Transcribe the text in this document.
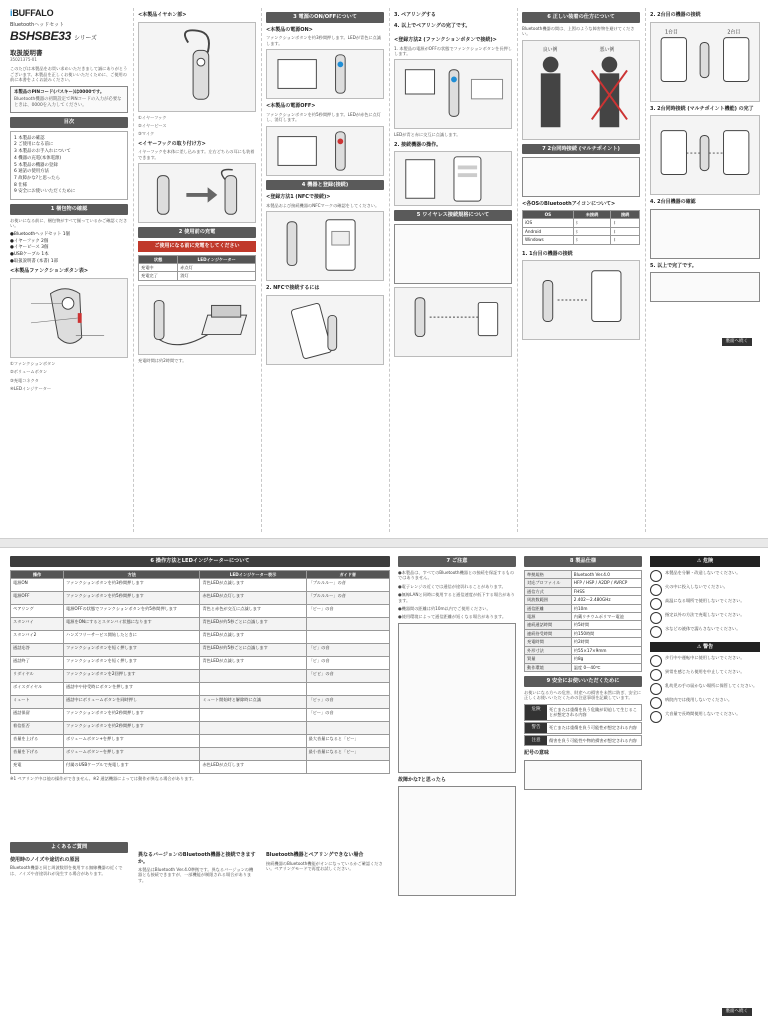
iBUFFALO
Bluetoothヘッドセット
BSHSBE33 シリーズ
取扱説明書
35021375-01
このたびは本製品をお買い求めいただきまして誠にありがとうございます。本製品を正しくお使いいただくために、ご使用の前に本書をよくお読みください。
本製品のPINコード(パスキー)は0000です。
Bluetooth機器の初期設定でPINコードの入力が必要なときは、0000を入力してください。
目次
1 本製品の確認
2 ご使用になる前に
3 本製品のお手入れについて
4 機器の充電(本体電源)
5 本製品の機器の登録
6 通話の使用方法
7 故障かな?と思ったら
8 仕様
9 安全にお使いいただくために
1 梱包物の確認
お使いになる前に、梱包物がすべて揃っているかご確認ください。
●Bluetoothヘッドセット 1個
●イヤーフック 2個
●イヤーピース 3個
●USBケーブル 1本
●取扱説明書 (本書) 1部
<本製品ファンクションボタン表>
①ファンクションボタン
②ボリュームボタン
③充電コネクタ
④LEDインジケーター
<本製品イヤホン部>
①イヤーフック
②イヤーピース
③マイク
<イヤーフックの取り付け方>
イヤーフックを本体に差し込みます。左右どちらの耳にも装着できます。
2 使用前の充電
ご使用になる前に充電をしてください
状態	LEDインジケーター
充電中	赤点灯
充電完了	消灯
充電時間は約2時間です。
3 電源のON/OFFについて
<本製品の電源ON>
ファンクションボタンを約3秒間押します。LEDが青色に点滅します。
<本製品の電源OFF>
ファンクションボタンを約5秒間押します。LEDが赤色に点灯し、消灯します。
4 機器と登録(接続)
<登録方法1 (NFCで接続)>
本製品および接続機器のNFCマークの確認をしてください。
2. NFCで接続するには
3. ペアリングする
4. 以上でペアリングの完了です。
<登録方法2 (ファンクションボタンで接続)>
1. 本製品の電源がOFFの状態でファンクションボタンを長押しします。
LEDが青と赤に交互に点滅します。
2. 接続機器の操作。
5 ワイヤレス接続規格について
6 正しい装着の仕方について
Bluetooth機器の間は、上図のような障害物を避けてください。
良い例	悪い例
7 2台同時接続 (マルチポイント)
<各OSのBluetoothアイコンについて>
OS	未接続	接続
iOS	ᛒ	ᛒ
Android	ᛒ	ᛒ
Windows	ᛒ	ᛒ
1. 1台目の機器の接続
2. 2台目の機器の接続
1台目	2台目
3. 2台同時接続 (マルチポイント機能) の完了
4. 2台目機器の確認
5. 以上で完了です。
裏面へ続く
6 操作方法とLEDインジケーターについて
操作	方法	LEDインジケーター表示	ガイド音
電源ON	ファンクションボタンを約3秒間押します	青色LEDが点滅します	「プルルルー」の音
電源OFF	ファンクションボタンを約5秒間押します	赤色LEDが点灯します	「ブルルルー」の音
ペアリング	電源OFFの状態でファンクションボタンを約5秒間押します	青色と赤色が交互に点滅します	「ピー」の音
スタンバイ	電源をONにするとスタンバイ状態になります	青色LEDが約5秒ごとに点滅します	
スタンバイ2	ハンズフリーサービス開始したときに	青色LEDが点滅します	
通話応答	ファンクションボタンを短く押します	青色LEDが約5秒ごとに点滅します	「ピ」の音
通話終了	ファンクションボタンを短く押します	青色LEDが点滅します	「ピ」の音
リダイヤル	ファンクションボタンを2回押します		「ピピ」の音
ボイスダイヤル	通話中や待受時にボタンを押します		
ミュート	通話中にボリュームボタンを同時押し	ミュート開始時と解除時に点滅	「ピッ」の音
通話保留	ファンクションボタンを約2秒間押します		「ピー」の音
着信拒否	ファンクションボタンを約2秒間押します		
音量を上げる	ボリュームボタン+を押します		最大音量になると「ピー」
音量を下げる	ボリュームボタン−を押します		最小音量になると「ピー」
充電	付属のUSBケーブルで充電します	赤色LEDが点灯します	
※1 ペアリング中は他の操作ができません。※2 通話機器によっては動作が異なる場合があります。
よくあるご質問
使用時のノイズや途切れの原因
Bluetooth機器と同じ周波数帯を使用する無線機器の近くでは、ノイズや音途切れが発生する場合があります。
異なるバージョンのBluetooth機器と接続できますか。
本製品はBluetooth Ver.4.0準拠です。異なるバージョンの機器とも接続できますが、一部機能が制限される場合があります。
Bluetooth機器とペアリングできない場合
接続機器のBluetooth機能がオンになっているかご確認ください。ペアリングモードで再度お試しください。
7 ご注意
●本製品は、すべてのBluetooth機器との接続を保証するものではありません。
●電子レンジの近くでは通信が途切れることがあります。
●無線LANと同時に使用すると通信速度が低下する場合があります。
●機器間の距離は約10m以内でご使用ください。
●使用環境によって通信距離が短くなる場合があります。
故障かな?と思ったら
8 製品仕様
準拠規格	Bluetooth Ver.4.0
対応プロファイル	HFP / HSP / A2DP / AVRCP
通信方式	FHSS
周波数範囲	2.402〜2.480GHz
通信距離	約10m
電源	内蔵リチウムポリマー電池
連続通話時間	約5時間
連続待受時間	約150時間
充電時間	約2時間
外形寸法	約55×17×9mm
質量	約8g
動作環境	温度 0〜40℃
9 安全にお使いいただくために
お使いになる方への危害、財産への損害を未然に防ぎ、安全に正しくお使いいただくための注意事項を記載しています。
危険	死亡または重傷を負う危険が切迫して生じることが想定される内容
警告	死亡または重傷を負う可能性が想定される内容
注意	傷害を負う可能性や物的損害が想定される内容
記号の意味
⚠ 危険
本製品を分解・改造しないでください。
火の中に投入しないでください。
高温になる場所で使用しないでください。
指定以外の方法で充電しないでください。
水などの液体で濡らさないでください。
⚠ 警告
歩行中や運転中に使用しないでください。
異常を感じたら使用を中止してください。
乳幼児の手の届かない場所に保管してください。
病院内では使用しないでください。
大音量で長時間使用しないでください。
裏面へ続く
